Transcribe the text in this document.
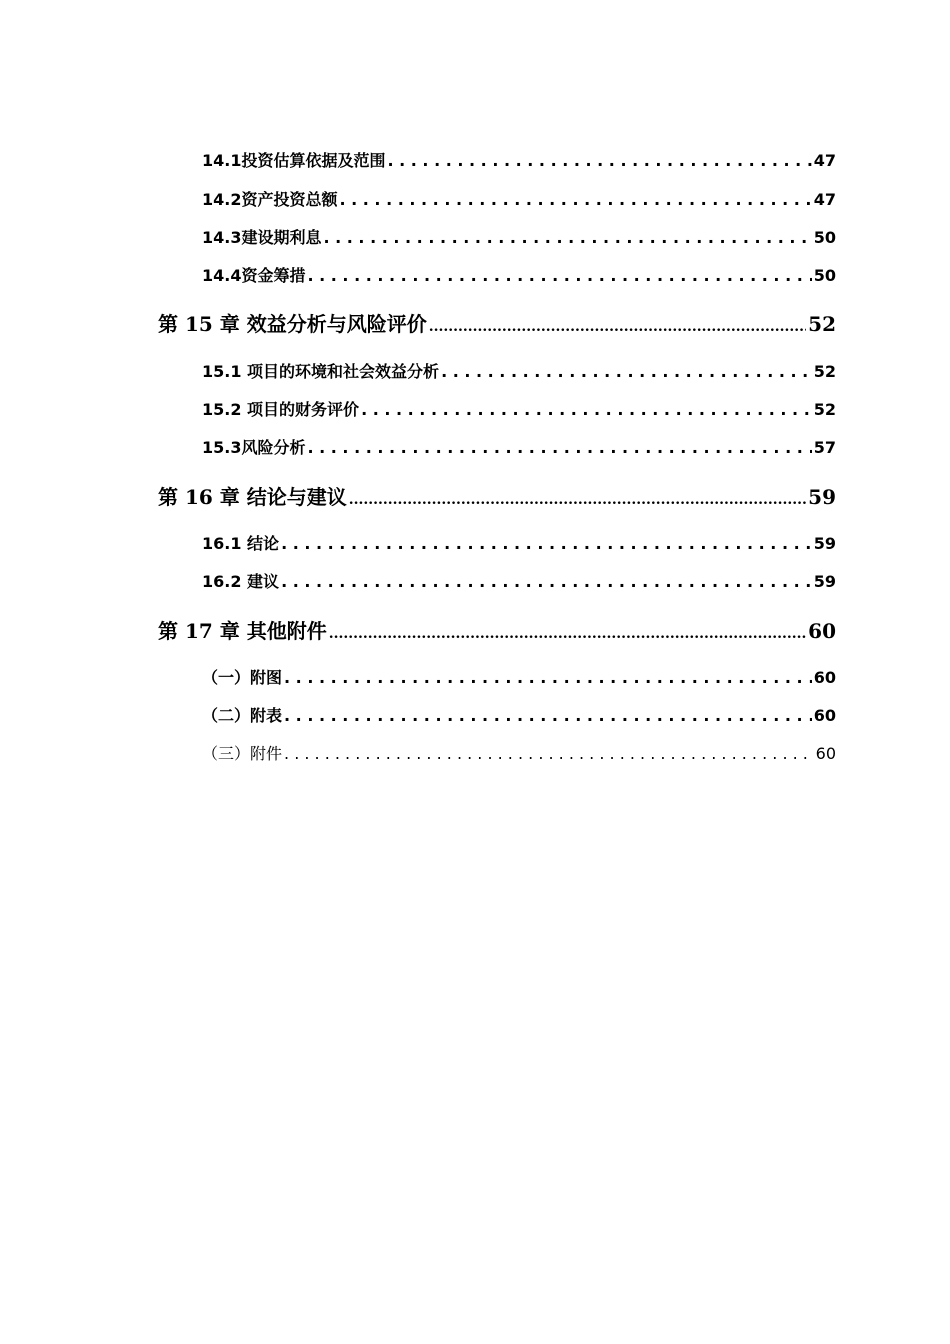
14.1投资估算依据及范围 . . .	47
14.2资产投资总额 . . .	47
14.3建设期利息 . . .	50
14.4资金筹措 . . .	50
第 15 章 效益分析与风险评价 .....	52
15.1 项目的环境和社会效益分析 . . .	52
15.2 项目的财务评价 . . .	52
15.3风险分析 . . .	57
第 16 章 结论与建议 .....	59
16.1 结论 . . .	59
16.2 建议 . . .	59
第 17 章 其他附件 .....	60
（一）附图 . . .	60
（二）附表 . . .	60
（三）附件 . . .	60
